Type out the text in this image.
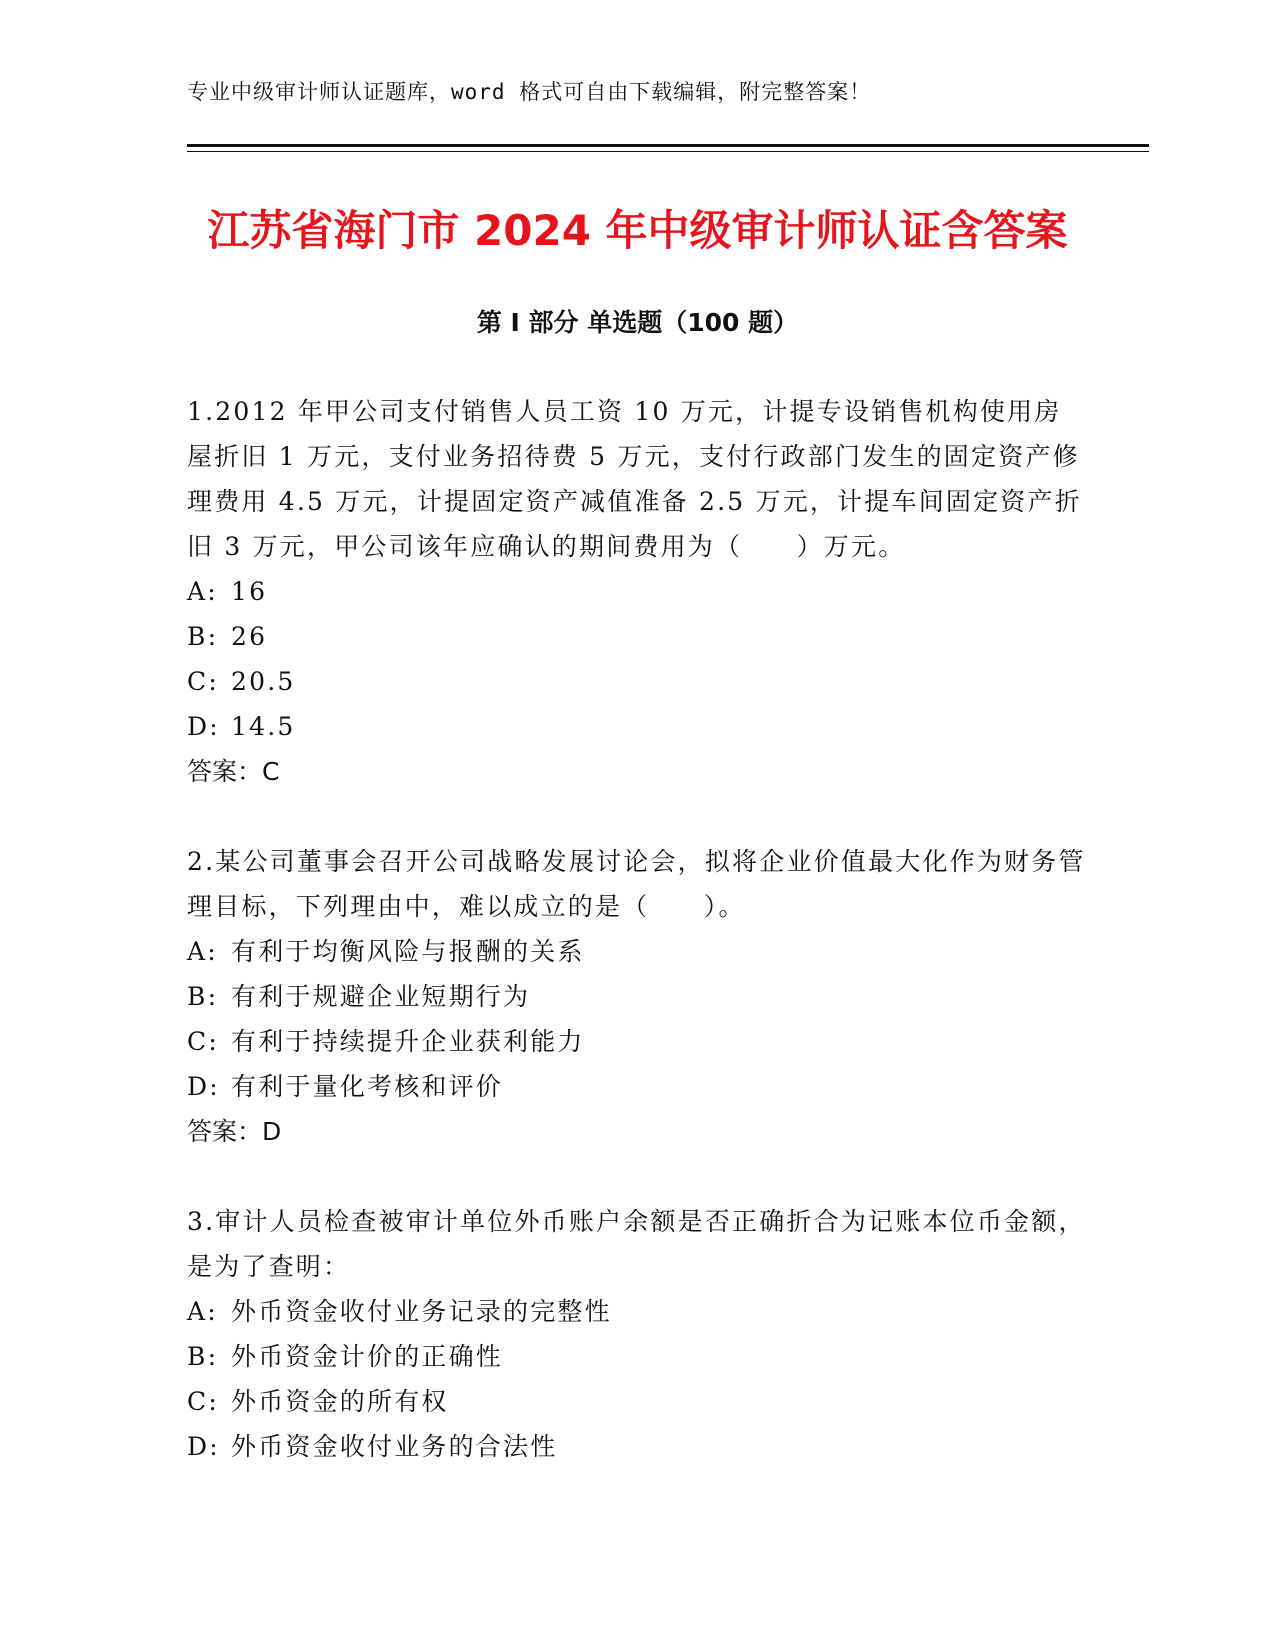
专业中级审计师认证题库，word 格式可自由下载编辑，附完整答案！
江苏省海门市 2024 年中级审计师认证含答案
第 I 部分 单选题（100 题）

1.2012 年甲公司支付销售人员工资 10 万元，计提专设销售机构使用房屋折旧 1 万元，支付业务招待费 5 万元，支付行政部门发生的固定资产修理费用 4.5 万元，计提固定资产减值准备 2.5 万元，计提车间固定资产折旧 3 万元，甲公司该年应确认的期间费用为（　　）万元。

A: 16

B: 26

C: 20.5

D: 14.5

答案：C

2.某公司董事会召开公司战略发展讨论会，拟将企业价值最大化作为财务管理目标，下列理由中，难以成立的是（　　）。

A: 有利于均衡风险与报酬的关系

B: 有利于规避企业短期行为

C: 有利于持续提升企业获利能力

D: 有利于量化考核和评价

答案：D

3.审计人员检查被审计单位外币账户余额是否正确折合为记账本位币金额，是为了查明：

A: 外币资金收付业务记录的完整性

B: 外币资金计价的正确性

C: 外币资金的所有权

D: 外币资金收付业务的合法性
